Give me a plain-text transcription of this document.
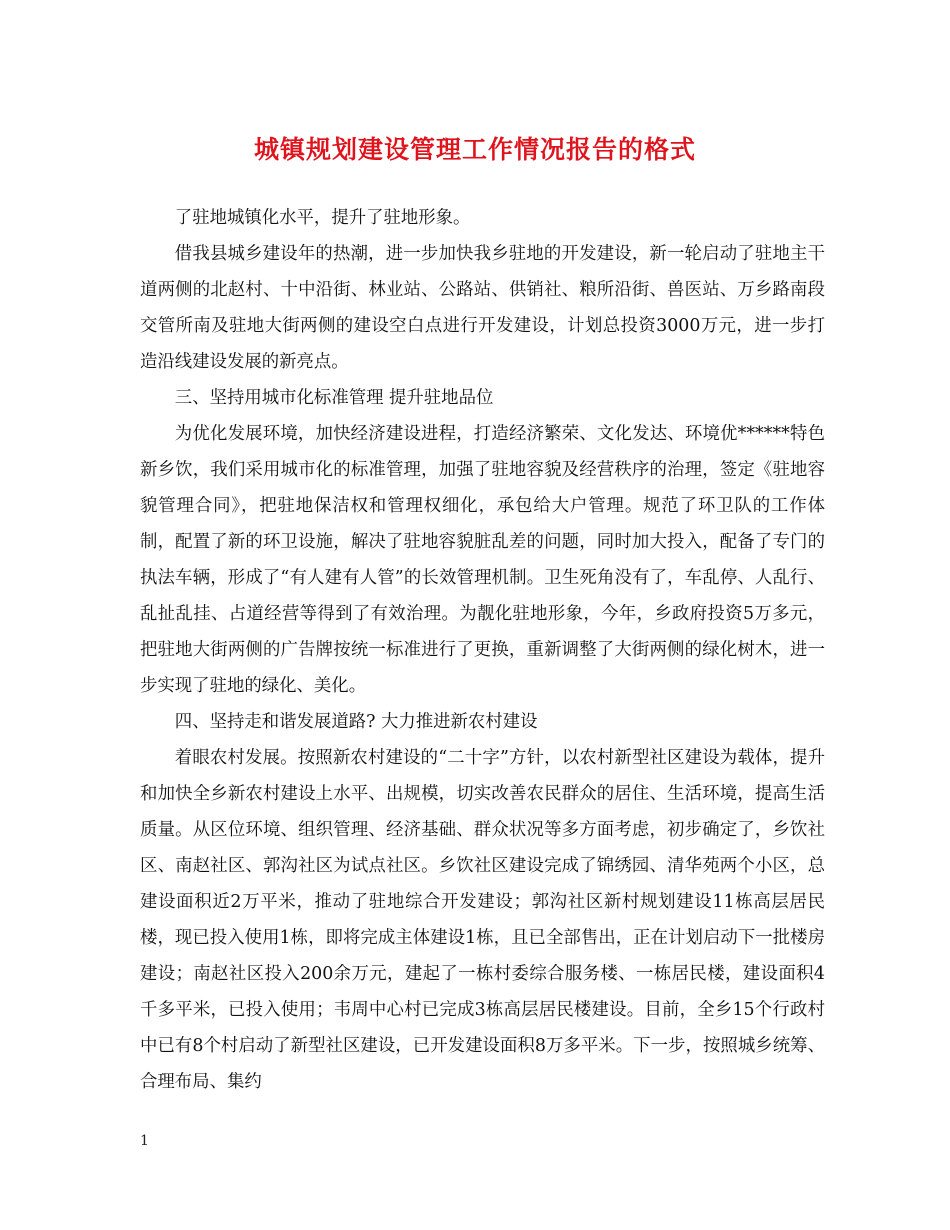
城镇规划建设管理工作情况报告的格式

了驻地城镇化水平，提升了驻地形象。

借我县城乡建设年的热潮，进一步加快我乡驻地的开发建设，新一轮启动了驻地主干道两侧的北赵村、十中沿街、林业站、公路站、供销社、粮所沿街、兽医站、万乡路南段交管所南及驻地大街两侧的建设空白点进行开发建设，计划总投资3000万元，进一步打造沿线建设发展的新亮点。

三、坚持用城市化标准管理 提升驻地品位

为优化发展环境，加快经济建设进程，打造经济繁荣、文化发达、环境优******特色新乡饮，我们采用城市化的标准管理，加强了驻地容貌及经营秩序的治理，签定《驻地容貌管理合同》，把驻地保洁权和管理权细化，承包给大户管理。规范了环卫队的工作体制，配置了新的环卫设施，解决了驻地容貌脏乱差的问题，同时加大投入，配备了专门的执法车辆，形成了“有人建有人管”的长效管理机制。卫生死角没有了，车乱停、人乱行、乱扯乱挂、占道经营等得到了有效治理。为靓化驻地形象，今年，乡政府投资5万多元，把驻地大街两侧的广告牌按统一标准进行了更换，重新调整了大街两侧的绿化树木，进一步实现了驻地的绿化、美化。

四、坚持走和谐发展道路? 大力推进新农村建设

着眼农村发展。按照新农村建设的“二十字”方针，以农村新型社区建设为载体，提升和加快全乡新农村建设上水平、出规模，切实改善农民群众的居住、生活环境，提高生活质量。从区位环境、组织管理、经济基础、群众状况等多方面考虑，初步确定了，乡饮社区、南赵社区、郭沟社区为试点社区。乡饮社区建设完成了锦绣园、清华苑两个小区，总建设面积近2万平米，推动了驻地综合开发建设；郭沟社区新村规划建设11栋高层居民楼，现已投入使用1栋，即将完成主体建设1栋，且已全部售出，正在计划启动下一批楼房建设；南赵社区投入200余万元，建起了一栋村委综合服务楼、一栋居民楼，建设面积4千多平米，已投入使用；韦周中心村已完成3栋高层居民楼建设。目前，全乡15个行政村中已有8个村启动了新型社区建设，已开发建设面积8万多平米。下一步，按照城乡统筹、合理布局、集约

1
